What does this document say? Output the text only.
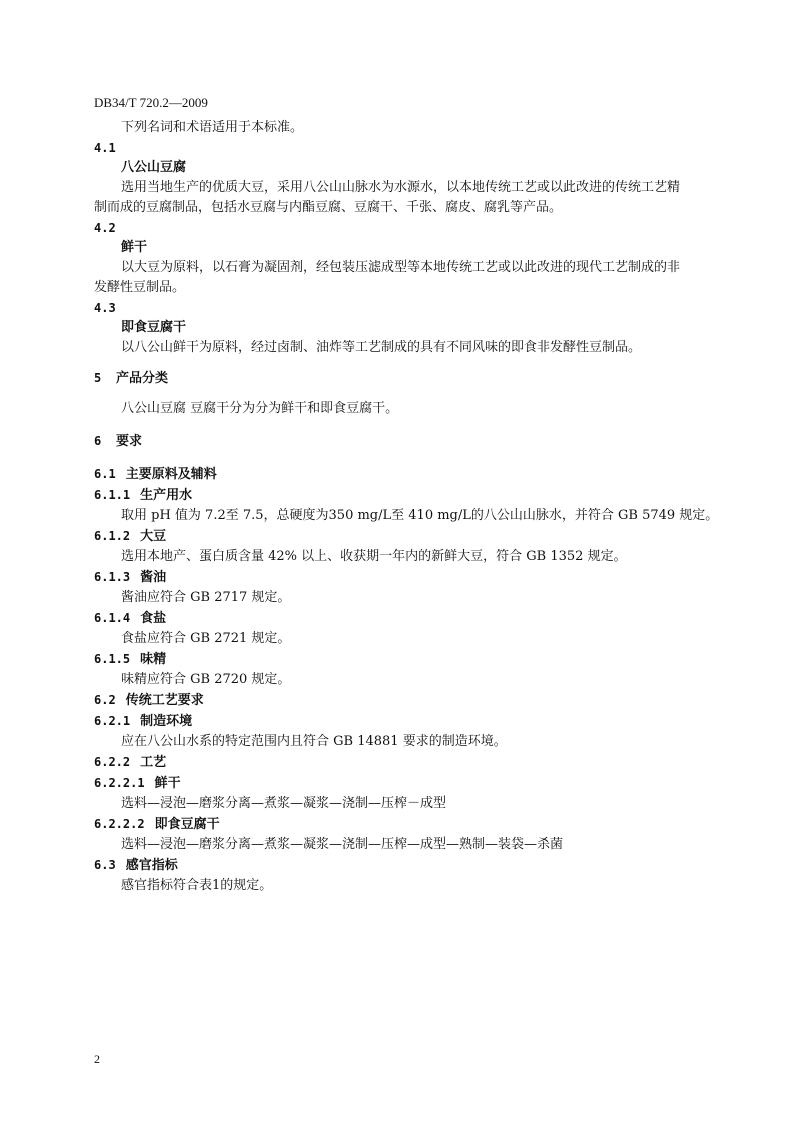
DB34/T 720.2—2009
下列名词和术语适用于本标准。
4.1
八公山豆腐
选用当地生产的优质大豆，采用八公山山脉水为水源水，以本地传统工艺或以此改进的传统工艺精
制而成的豆腐制品，包括水豆腐与内酯豆腐、豆腐干、千张、腐皮、腐乳等产品。
4.2
鲜干
以大豆为原料，以石膏为凝固剂，经包装压滤成型等本地传统工艺或以此改进的现代工艺制成的非
发酵性豆制品。
4.3
即食豆腐干
以八公山鲜干为原料，经过卤制、油炸等工艺制成的具有不同风味的即食非发酵性豆制品。
5 产品分类
八公山豆腐 豆腐干分为分为鲜干和即食豆腐干。
6 要求
6.1 主要原料及辅料
6.1.1 生产用水
取用 pH 值为 7.2至 7.5，总硬度为350 mg/L至 410 mg/L的八公山山脉水，并符合 GB 5749 规定。
6.1.2 大豆
选用本地产、蛋白质含量 42% 以上、收获期一年内的新鲜大豆，符合 GB 1352 规定。
6.1.3 酱油
酱油应符合 GB 2717 规定。
6.1.4 食盐
食盐应符合 GB 2721 规定。
6.1.5 味精
味精应符合 GB 2720 规定。
6.2 传统工艺要求
6.2.1 制造环境
应在八公山水系的特定范围内且符合 GB 14881 要求的制造环境。
6.2.2 工艺
6.2.2.1 鲜干
选料—浸泡—磨浆分离—煮浆—凝浆—浇制—压榨－成型
6.2.2.2 即食豆腐干
选料—浸泡—磨浆分离—煮浆—凝浆—浇制—压榨—成型—熟制—装袋—杀菌
6.3 感官指标
感官指标符合表1的规定。
2
